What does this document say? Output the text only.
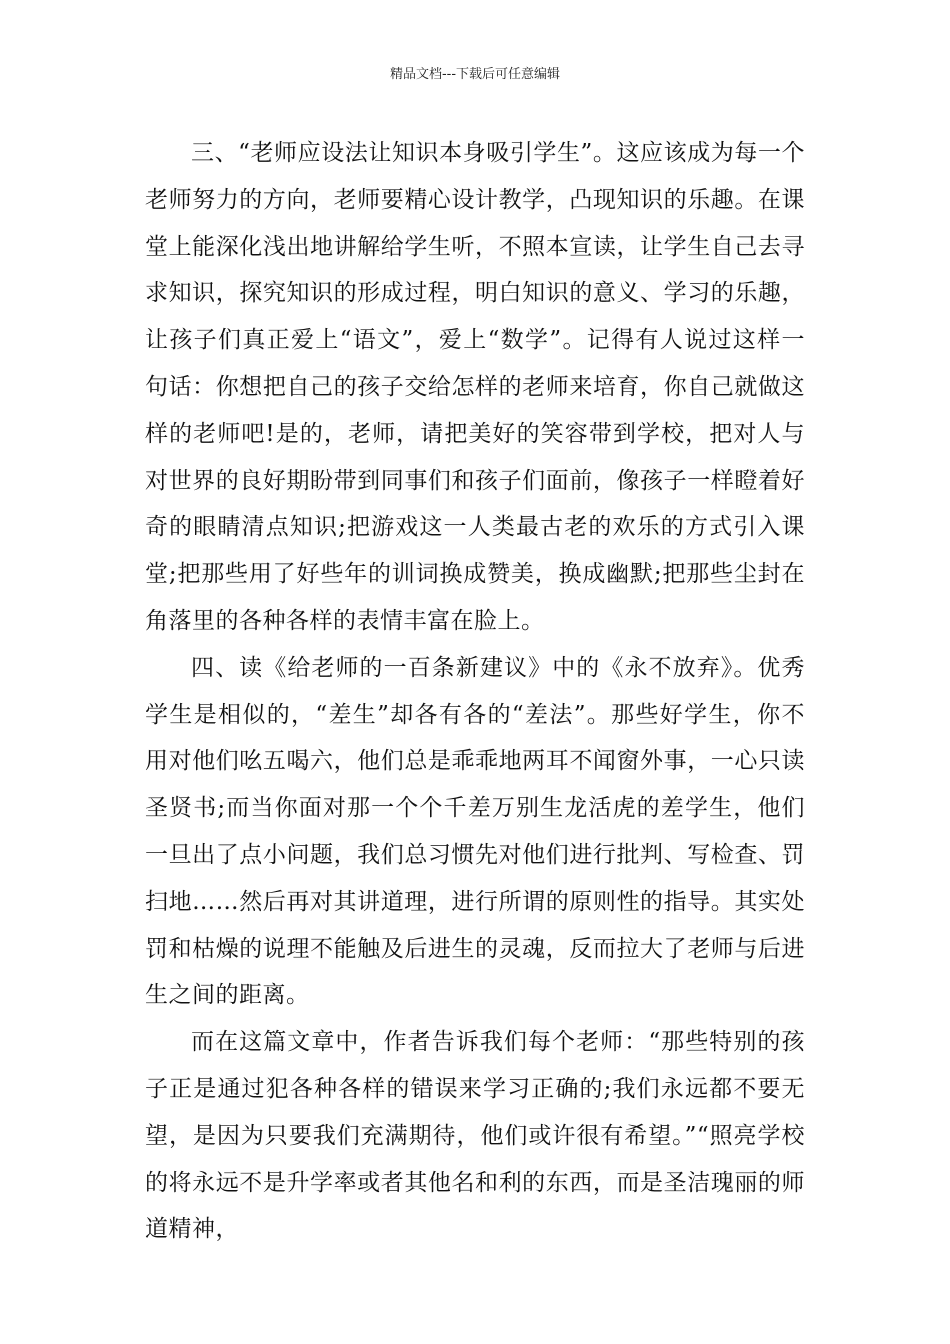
精品文档---下载后可任意编辑

三、“老师应设法让知识本身吸引学生”。这应该成为每一个老师努力的方向，老师要精心设计教学，凸现知识的乐趣。在课堂上能深化浅出地讲解给学生听，不照本宣读，让学生自己去寻求知识，探究知识的形成过程，明白知识的意义、学习的乐趣，让孩子们真正爱上“语文”，爱上“数学”。记得有人说过这样一句话：你想把自己的孩子交给怎样的老师来培育，你自己就做这样的老师吧!是的，老师，请把美好的笑容带到学校，把对人与对世界的良好期盼带到同事们和孩子们面前，像孩子一样瞪着好奇的眼睛清点知识;把游戏这一人类最古老的欢乐的方式引入课堂;把那些用了好些年的训词换成赞美，换成幽默;把那些尘封在角落里的各种各样的表情丰富在脸上。

四、读《给老师的一百条新建议》中的《永不放弃》。优秀学生是相似的，“差生”却各有各的“差法”。那些好学生，你不用对他们吆五喝六，他们总是乖乖地两耳不闻窗外事，一心只读圣贤书;而当你面对那一个个千差万别生龙活虎的差学生，他们一旦出了点小问题，我们总习惯先对他们进行批判、写检查、罚扫地……然后再对其讲道理，进行所谓的原则性的指导。其实处罚和枯燥的说理不能触及后进生的灵魂，反而拉大了老师与后进生之间的距离。

而在这篇文章中，作者告诉我们每个老师：“那些特别的孩子正是通过犯各种各样的错误来学习正确的;我们永远都不要无望，是因为只要我们充满期待，他们或许很有希望。”“照亮学校的将永远不是升学率或者其他名和利的东西，而是圣洁瑰丽的师道精神，
